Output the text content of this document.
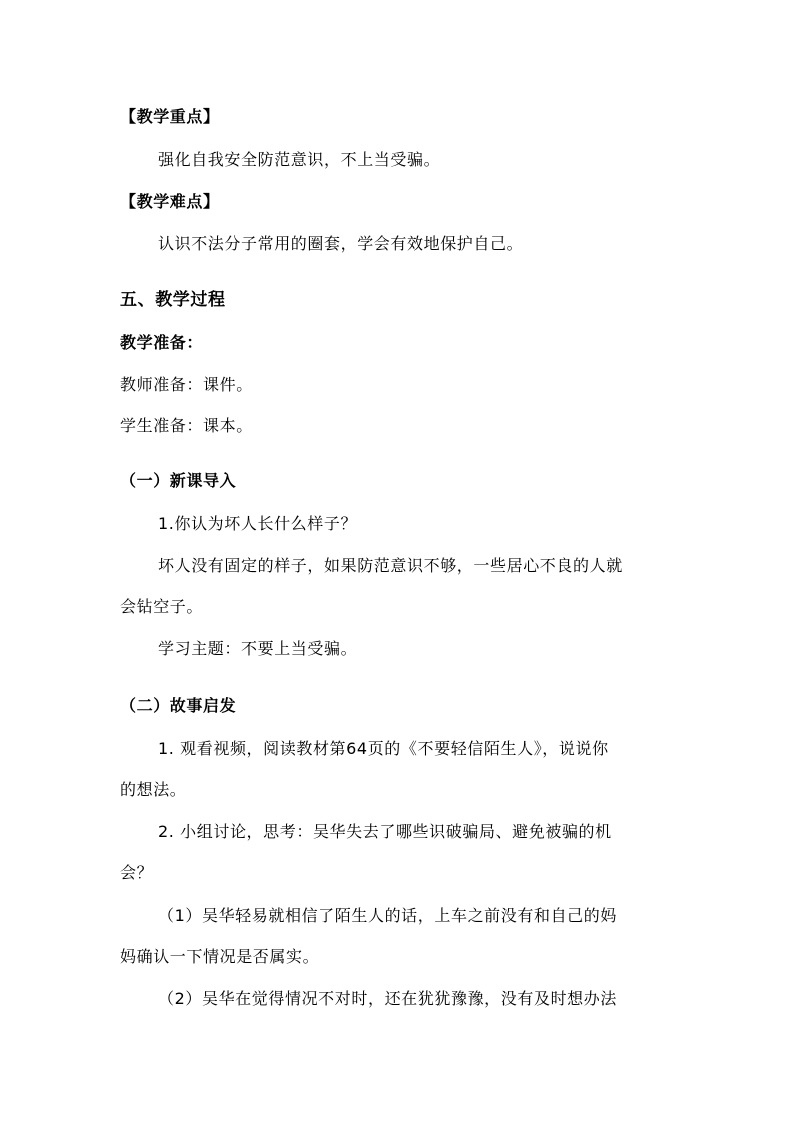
【教学重点】
强化自我安全防范意识，不上当受骗。
【教学难点】
认识不法分子常用的圈套，学会有效地保护自己。
五、教学过程
教学准备：
教师准备：课件。
学生准备：课本。
（一）新课导入
1.你认为坏人长什么样子？
坏人没有固定的样子，如果防范意识不够，一些居心不良的人就
会钻空子。
学习主题：不要上当受骗。
（二）故事启发
1. 观看视频，阅读教材第64页的《不要轻信陌生人》，说说你
的想法。
2. 小组讨论，思考：吴华失去了哪些识破骗局、避免被骗的机
会？
（1）吴华轻易就相信了陌生人的话，上车之前没有和自己的妈
妈确认一下情况是否属实。
（2）吴华在觉得情况不对时，还在犹犹豫豫，没有及时想办法
